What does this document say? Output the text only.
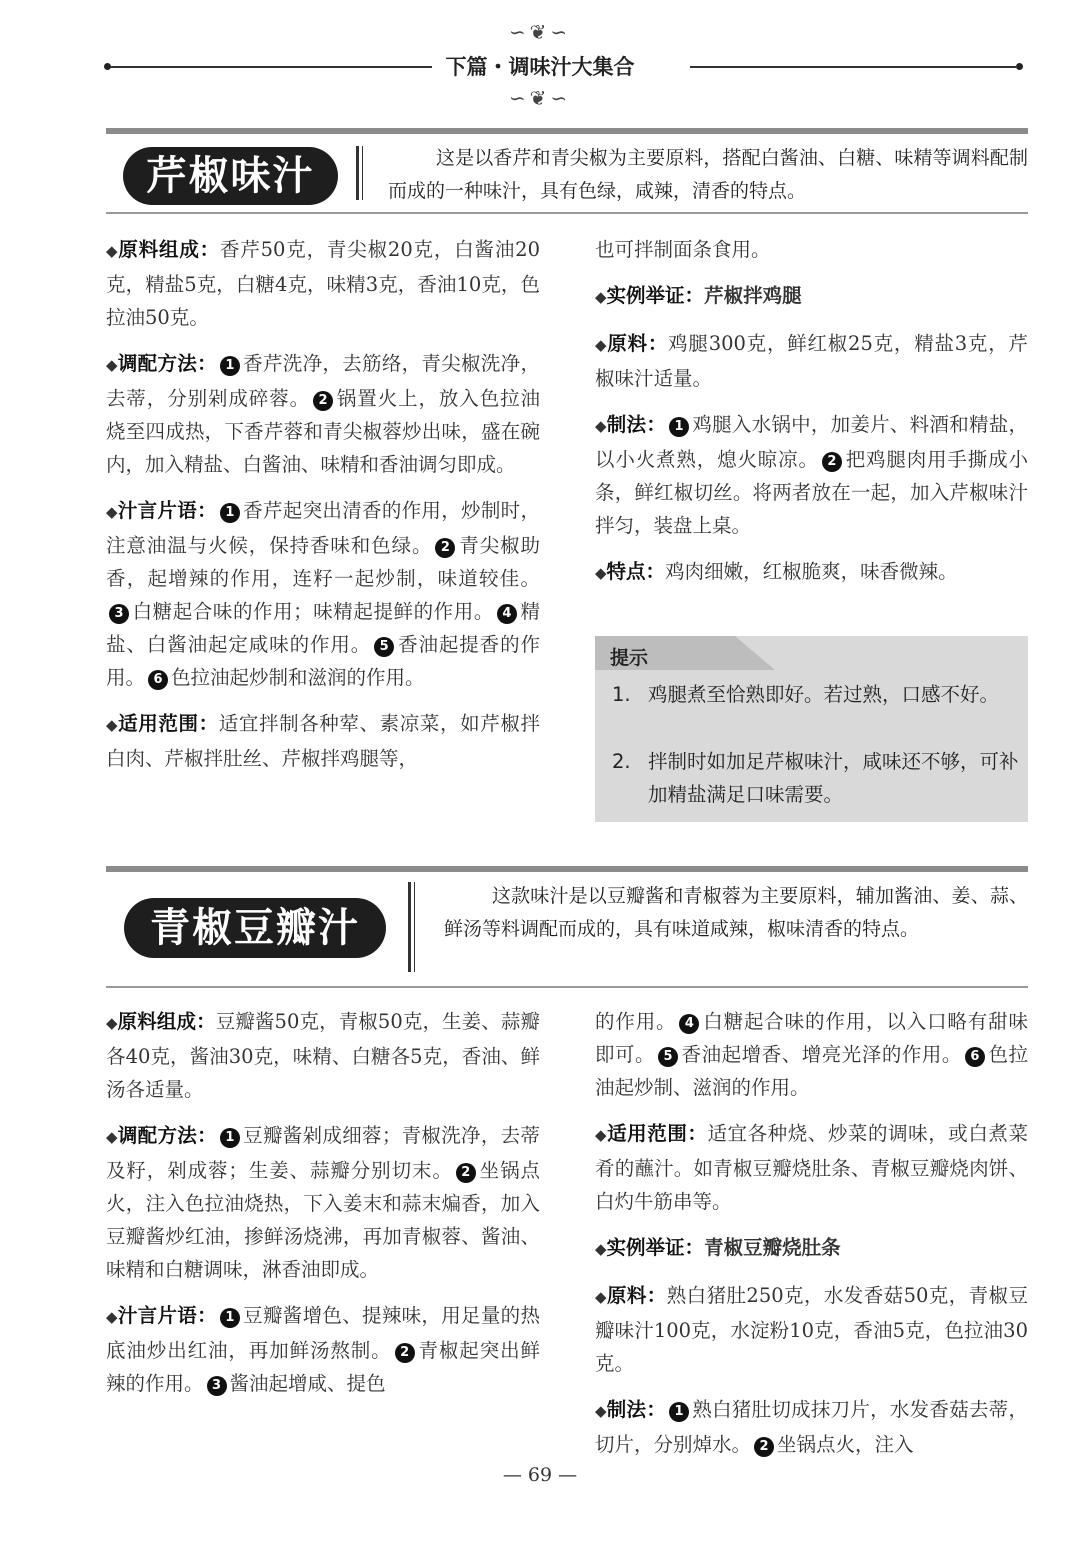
∽❦∽
下篇・调味汁大集合
∽❦∽
芹椒味汁	这是以香芹和青尖椒为主要原料，搭配白酱油、白糖、味精等调料配制而成的一种味汁，具有色绿，咸辣，清香的特点。

◆ 原料组成：香芹50克，青尖椒20克，白酱油20克，精盐5克，白糖4克，味精3克，香油10克，色拉油50克。

◆ 调配方法： 1 香芹洗净，去筋络，青尖椒洗净，去蒂，分别剁成碎蓉。 2 锅置火上，放入色拉油烧至四成热，下香芹蓉和青尖椒蓉炒出味，盛在碗内，加入精盐、白酱油、味精和香油调匀即成。

◆ 汁言片语： 1 香芹起突出清香的作用，炒制时，注意油温与火候，保持香味和色绿。 2 青尖椒助香，起增辣的作用，连籽一起炒制，味道较佳。3 白糖起合味的作用；味精起提鲜的作用。 4 精盐、白酱油起定咸味的作用。 5 香油起提香的作用。 6 色拉油起炒制和滋润的作用。

◆ 适用范围：适宜拌制各种荤、素凉菜，如芹椒拌白肉、芹椒拌肚丝、芹椒拌鸡腿等，

也可拌制面条食用。

◆ 实例举证：芹椒拌鸡腿

◆ 原料：鸡腿300克，鲜红椒25克，精盐3克，芹椒味汁适量。

◆ 制法： 1 鸡腿入水锅中，加姜片、料酒和精盐，以小火煮熟，熄火晾凉。 2 把鸡腿肉用手撕成小条，鲜红椒切丝。将两者放在一起，加入芹椒味汁拌匀，装盘上桌。

◆ 特点：鸡肉细嫩，红椒脆爽，味香微辣。

提示
1. 鸡腿煮至恰熟即好。若过熟，口感不好。
2. 拌制时如加足芹椒味汁，咸味还不够，可补加精盐满足口味需要。
青椒豆瓣汁
这款味汁是以豆瓣酱和青椒蓉为主要原料，辅加酱油、姜、蒜、鲜汤等料调配而成的，具有味道咸辣，椒味清香的特点。

◆ 原料组成：豆瓣酱50克，青椒50克，生姜、蒜瓣各40克，酱油30克，味精、白糖各5克，香油、鲜汤各适量。

◆ 调配方法： 1 豆瓣酱剁成细蓉；青椒洗净，去蒂及籽，剁成蓉；生姜、蒜瓣分别切末。 2 坐锅点火，注入色拉油烧热，下入姜末和蒜末煸香，加入豆瓣酱炒红油，掺鲜汤烧沸，再加青椒蓉、酱油、味精和白糖调味，淋香油即成。

◆ 汁言片语： 1 豆瓣酱增色、提辣味，用足量的热底油炒出红油，再加鲜汤熬制。 2 青椒起突出鲜辣的作用。 3 酱油起增咸、提色

的作用。 4 白糖起合味的作用，以入口略有甜味即可。 5 香油起增香、增亮光泽的作用。 6 色拉油起炒制、滋润的作用。

◆ 适用范围：适宜各种烧、炒菜的调味，或白煮菜肴的蘸汁。如青椒豆瓣烧肚条、青椒豆瓣烧肉饼、白灼牛筋串等。

◆ 实例举证：青椒豆瓣烧肚条

◆ 原料：熟白猪肚250克，水发香菇50克，青椒豆瓣味汁100克，水淀粉10克，香油5克，色拉油30克。

◆ 制法： 1 熟白猪肚切成抹刀片，水发香菇去蒂，切片，分别焯水。 2 坐锅点火，注入

— 69 —
